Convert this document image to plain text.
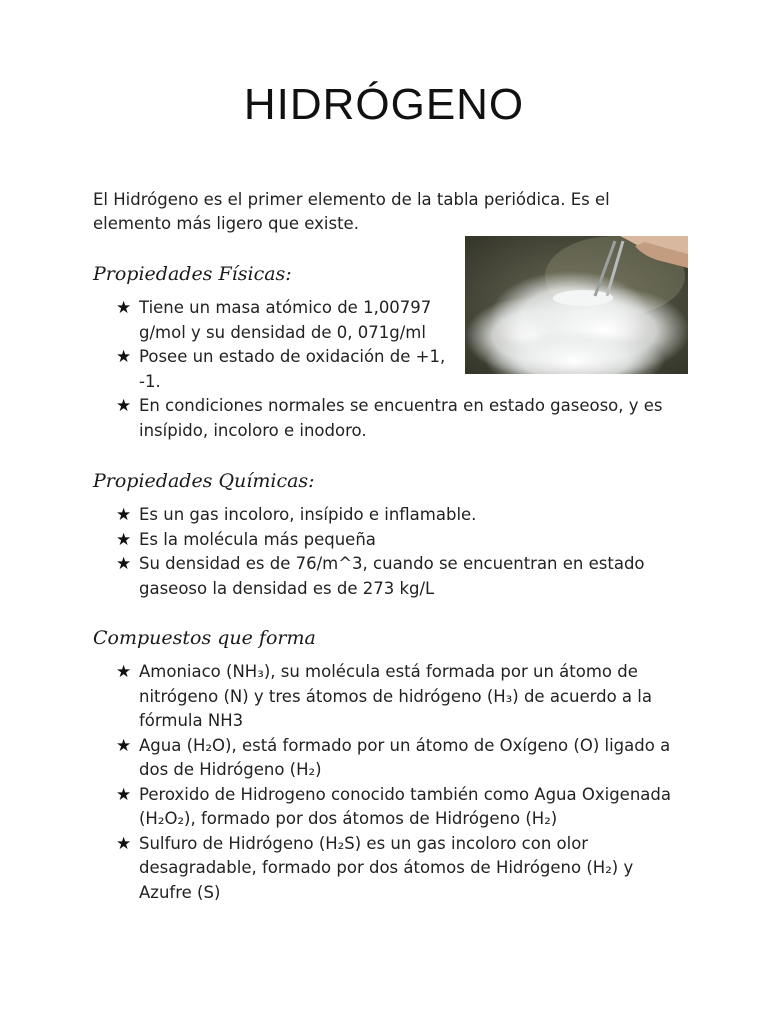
HIDRÓGENO

El Hidrógeno es el primer elemento de la tabla periódica. Es el elemento más ligero que existe.

Propiedades Físicas:
★ Tiene un masa atómico de 1,00797 g/mol y su densidad de 0, 071g/ml
★ Posee un estado de oxidación de +1, -1.
★ En condiciones normales se encuentra en estado gaseoso, y es insípido, incoloro e inodoro.
Propiedades Químicas:
★ Es un gas incoloro, insípido e inflamable.
★ Es la molécula más pequeña
★ Su densidad es de 76/m^3, cuando se encuentran en estado gaseoso la densidad es de 273 kg/L
Compuestos que forma
★ Amoniaco (NH₃), su molécula está formada por un átomo de nitrógeno (N) y tres átomos de hidrógeno (H₃) de acuerdo a la fórmula NH3
★ Agua (H₂O), está formado por un átomo de Oxígeno (O) ligado a dos de Hidrógeno (H₂)
★ Peroxido de Hidrogeno conocido también como Agua Oxigenada (H₂O₂), formado por dos átomos de Hidrógeno (H₂)
★ Sulfuro de Hidrógeno (H₂S) es un gas incoloro con olor desagradable, formado por dos átomos de Hidrógeno (H₂) y Azufre (S)
